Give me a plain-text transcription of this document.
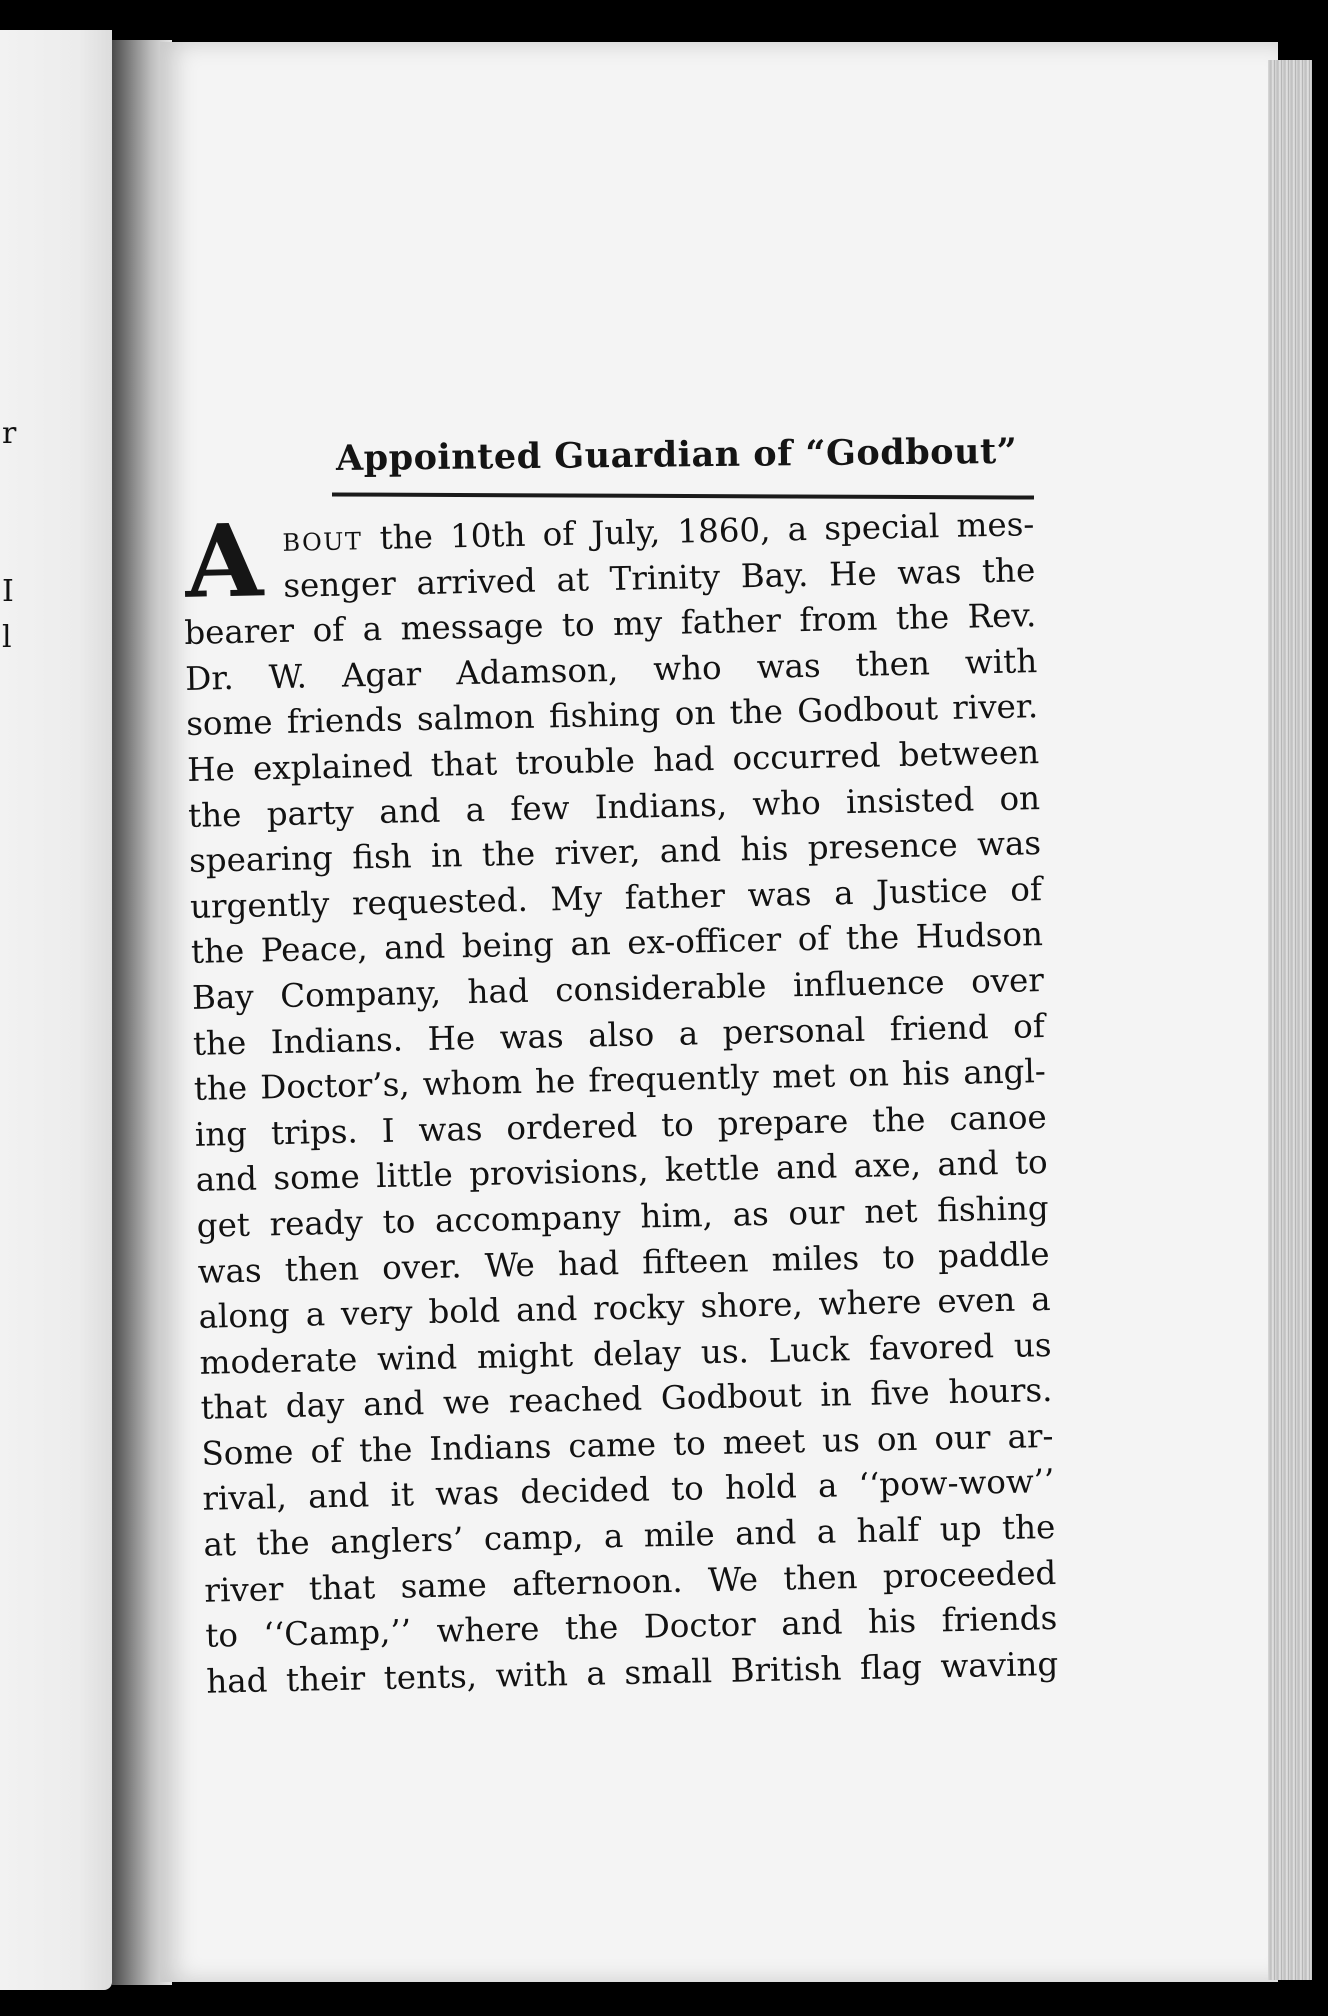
r
I
l
Appointed Guardian of “Godbout”
A BOUT the 10th of July, 1860, a special mes-
senger arrived at Trinity Bay. He was the
bearer of a message to my father from the Rev.
Dr. W. Agar Adamson, who was then with
some friends salmon fishing on the Godbout river.
He explained that trouble had occurred between
the party and a few Indians, who insisted on
spearing fish in the river, and his presence was
urgently requested. My father was a Justice of
the Peace, and being an ex-officer of the Hudson
Bay Company, had considerable influence over
the Indians. He was also a personal friend of
the Doctor’s, whom he frequently met on his angl-
ing trips. I was ordered to prepare the canoe
and some little provisions, kettle and axe, and to
get ready to accompany him, as our net fishing
was then over. We had fifteen miles to paddle
along a very bold and rocky shore, where even a
moderate wind might delay us. Luck favored us
that day and we reached Godbout in five hours.
Some of the Indians came to meet us on our ar-
rival, and it was decided to hold a ‘‘pow-wow’’
at the anglers’ camp, a mile and a half up the
river that same afternoon. We then proceeded
to ‘‘Camp,’’ where the Doctor and his friends
had their tents, with a small British flag waving
